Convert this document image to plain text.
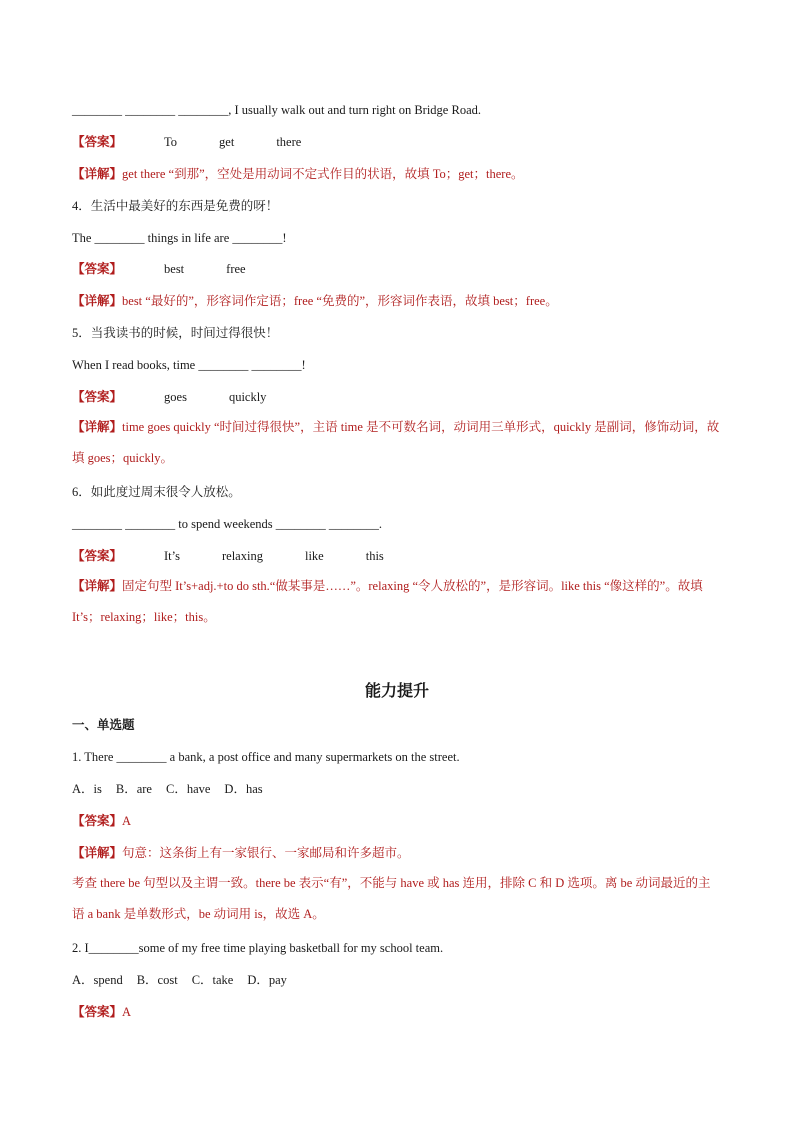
________ ________ ________, I usually walk out and turn right on Bridge Road.
【答案】	To	get	there
【详解】get there “到那”，空处是用动词不定式作目的状语，故填 To；get；there。
4．生活中最美好的东西是免费的呀！
The ________ things in life are ________!
【答案】	best	free
【详解】best “最好的”，形容词作定语；free “免费的”，形容词作表语，故填 best；free。
5．当我读书的时候，时间过得很快！
When I read books, time ________ ________!
【答案】	goes	quickly
【详解】time goes quickly “时间过得很快”，主语 time 是不可数名词，动词用三单形式，quickly 是副词，修饰动词，故填 goes；quickly。
6．如此度过周末很令人放松。
________ ________ to spend weekends ________ ________.
【答案】	It’s	relaxing	like	this
【详解】固定句型 It’s+adj.+to do sth.“做某事是……”。relaxing “令人放松的”，是形容词。like this “像这样的”。故填 It’s；relaxing；like；this。
能力提升
一、单选题
1. There ________ a bank, a post office and many supermarkets on the street.
A．is B．are C．have D．has
【答案】A
【详解】句意：这条街上有一家银行、一家邮局和许多超市。
考查 there be 句型以及主谓一致。there be 表示“有”，不能与 have 或 has 连用，排除 C 和 D 选项。离 be 动词最近的主语 a bank 是单数形式，be 动词用 is，故选 A。
2. I________some of my free time playing basketball for my school team.
A．spend B．cost C．take D．pay
【答案】A
